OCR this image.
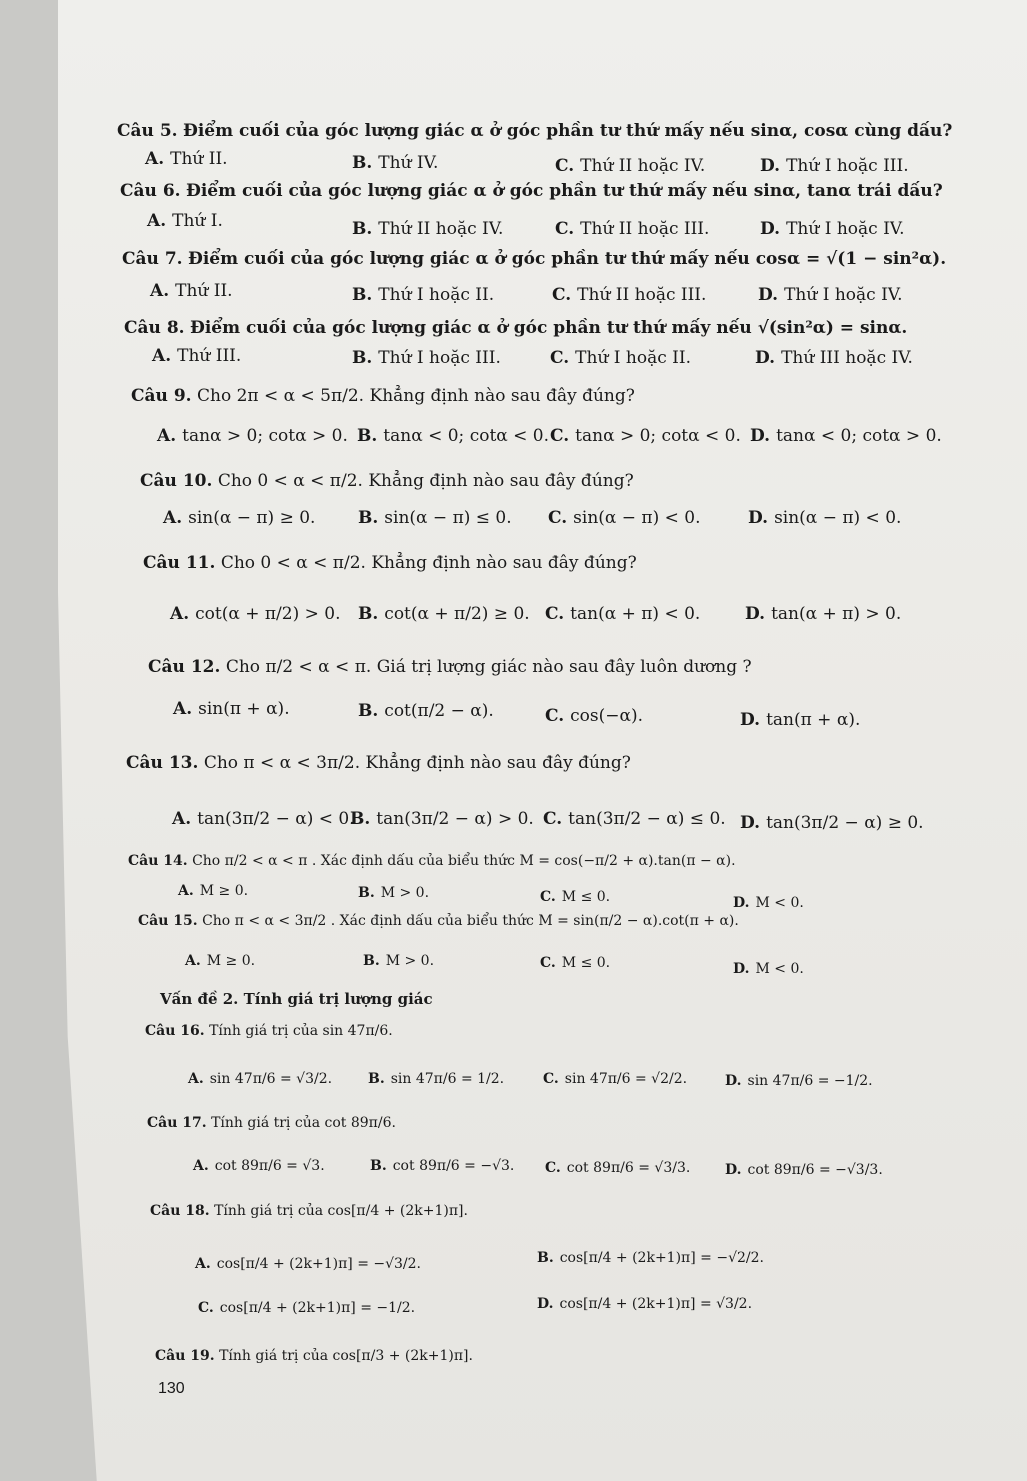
Câu 5. Điểm cuối của góc lượng giác α ở góc phần tư thứ mấy nếu sinα, cosα cùng dấu?
A. Thứ II.	B. Thứ IV.	C. Thứ II hoặc IV.	D. Thứ I hoặc III.
Câu 6. Điểm cuối của góc lượng giác α ở góc phần tư thứ mấy nếu sinα, tanα trái dấu?
A. Thứ I.	B. Thứ II hoặc IV.	C. Thứ II hoặc III.	D. Thứ I hoặc IV.
Câu 7. Điểm cuối của góc lượng giác α ở góc phần tư thứ mấy nếu cosα = √(1 − sin²α).
A. Thứ II.	B. Thứ I hoặc II.	C. Thứ II hoặc III.	D. Thứ I hoặc IV.
Câu 8. Điểm cuối của góc lượng giác α ở góc phần tư thứ mấy nếu √(sin²α) = sinα.
A. Thứ III.	B. Thứ I hoặc III.	C. Thứ I hoặc II.	D. Thứ III hoặc IV.
Câu 9. Cho 2π < α < 5π/2. Khẳng định nào sau đây đúng?
A. tanα > 0; cotα > 0. B. tanα < 0; cotα < 0. C. tanα > 0; cotα < 0. D. tanα < 0; cotα > 0.
Câu 10. Cho 0 < α < π/2. Khẳng định nào sau đây đúng?
A. sin(α − π) ≥ 0.	B. sin(α − π) ≤ 0. C. sin(α − π) < 0.	D. sin(α − π) < 0.
Câu 11. Cho 0 < α < π/2. Khẳng định nào sau đây đúng?
A. cot(α + π/2) > 0. B. cot(α + π/2) ≥ 0. C. tan(α + π) < 0.	D. tan(α + π) > 0.
Câu 12. Cho π/2 < α < π. Giá trị lượng giác nào sau đây luôn dương ?
A. sin(π + α).	B. cot(π/2 − α).	C. cos(−α).	D. tan(π + α).
Câu 13. Cho π < α < 3π/2. Khẳng định nào sau đây đúng?
A. tan(3π/2 − α) < 0.
B. tan(3π/2 − α) > 0. C. tan(3π/2 − α) ≤ 0. D. tan(3π/2 − α) ≥ 0.
Câu 14. Cho π/2 < α < π . Xác định dấu của biểu thức M = cos(−π/2 + α).tan(π − α).
A. M ≥ 0.	B. M > 0.	C. M ≤ 0.	D. M < 0.
Câu 15. Cho π < α < 3π/2 . Xác định dấu của biểu thức M = sin(π/2 − α).cot(π + α).
A. M ≥ 0.	B. M > 0.	C. M ≤ 0.	D. M < 0.
Vấn đề 2. Tính giá trị lượng giác
Câu 16. Tính giá trị của sin 47π/6.
A. sin 47π/6 = √3/2.	B. sin 47π/6 = 1/2.	C. sin 47π/6 = √2/2.	D. sin 47π/6 = −1/2.
Câu 17. Tính giá trị của cot 89π/6.
A. cot 89π/6 = √3.	B. cot 89π/6 = −√3. C. cot 89π/6 = √3/3. D. cot 89π/6 = −√3/3.
Câu 18. Tính giá trị của cos[π/4 + (2k+1)π].
A. cos[π/4 + (2k+1)π] = −√3/2.	B. cos[π/4 + (2k+1)π] = −√2/2.
C. cos[π/4 + (2k+1)π] = −1/2.	D. cos[π/4 + (2k+1)π] = √3/2.
Câu 19. Tính giá trị của cos[π/3 + (2k+1)π].
130
